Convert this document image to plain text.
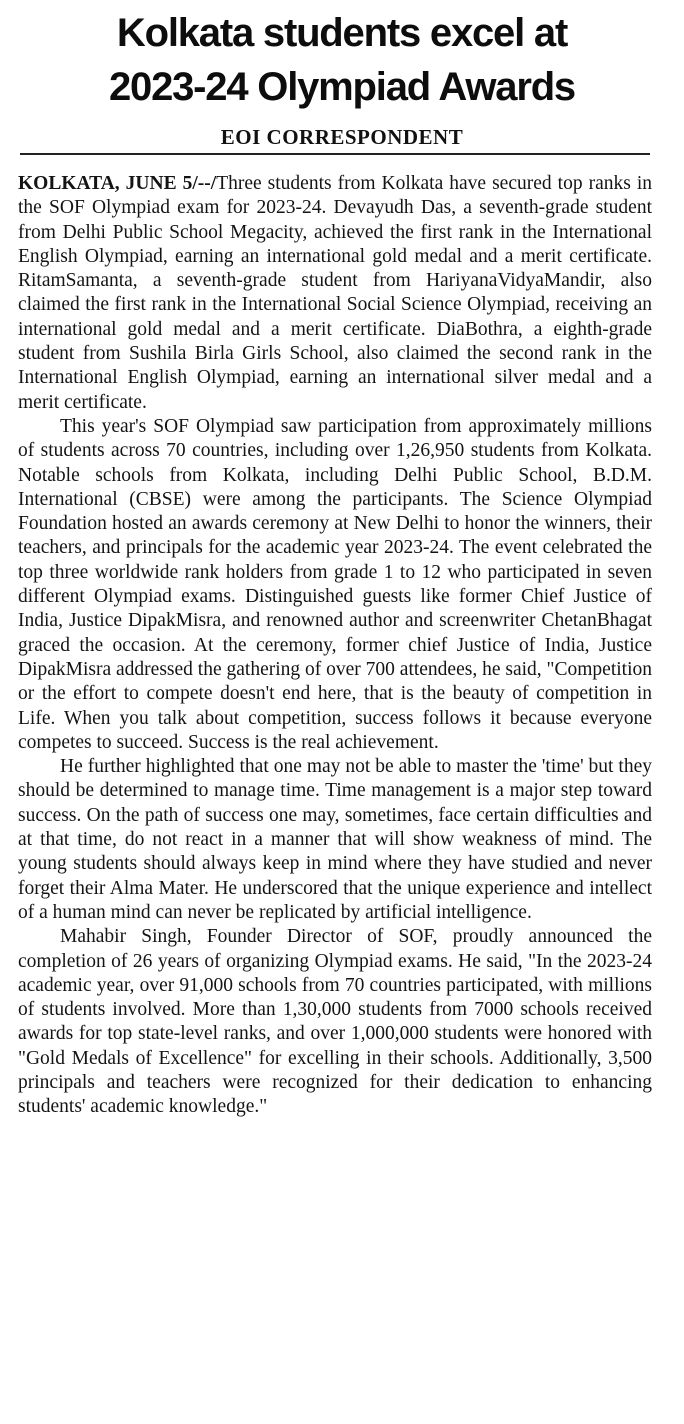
Kolkata students excel at
2023-24 Olympiad Awards
EOI CORRESPONDENT

KOLKATA, JUNE 5/--/Three students from Kolkata have secured top ranks in the SOF Olympiad exam for 2023-24. Devayudh Das, a seventh-grade student from Delhi Public School Megacity, achieved the first rank in the International English Olympiad, earning an international gold medal and a merit certificate. RitamSamanta, a seventh-grade student from HariyanaVidyaMandir, also claimed the first rank in the International Social Science Olympiad, receiving an international gold medal and a merit certificate. DiaBothra, a eighth-grade student from Sushila Birla Girls School, also claimed the second rank in the International English Olympiad, earning an international silver medal and a merit certificate.

This year's SOF Olympiad saw participation from approximately millions of students across 70 countries, including over 1,26,950 students from Kolkata. Notable schools from Kolkata, including Delhi Public School, B.D.M. International (CBSE) were among the participants. The Science Olympiad Foundation hosted an awards ceremony at New Delhi to honor the winners, their teachers, and principals for the academic year 2023-24. The event celebrated the top three worldwide rank holders from grade 1 to 12 who participated in seven different Olympiad exams. Distinguished guests like former Chief Justice of India, Justice DipakMisra, and renowned author and screenwriter ChetanBhagat graced the occasion. At the ceremony, former chief Justice of India, Justice DipakMisra addressed the gathering of over 700 attendees, he said, "Competition or the effort to compete doesn't end here, that is the beauty of competition in Life. When you talk about competition, success follows it because everyone competes to succeed. Success is the real achievement.

He further highlighted that one may not be able to master the 'time' but they should be determined to manage time. Time management is a major step toward success. On the path of success one may, sometimes, face certain difficulties and at that time, do not react in a manner that will show weakness of mind. The young students should always keep in mind where they have studied and never forget their Alma Mater. He underscored that the unique experience and intellect of a human mind can never be replicated by artificial intelligence.

Mahabir Singh, Founder Director of SOF, proudly announced the completion of 26 years of organizing Olympiad exams. He said, "In the 2023-24 academic year, over 91,000 schools from 70 countries participated, with millions of students involved. More than 1,30,000 students from 7000 schools received awards for top state-level ranks, and over 1,000,000 students were honored with "Gold Medals of Excellence" for excelling in their schools. Additionally, 3,500 principals and teachers were recognized for their dedication to enhancing students' academic knowledge."
